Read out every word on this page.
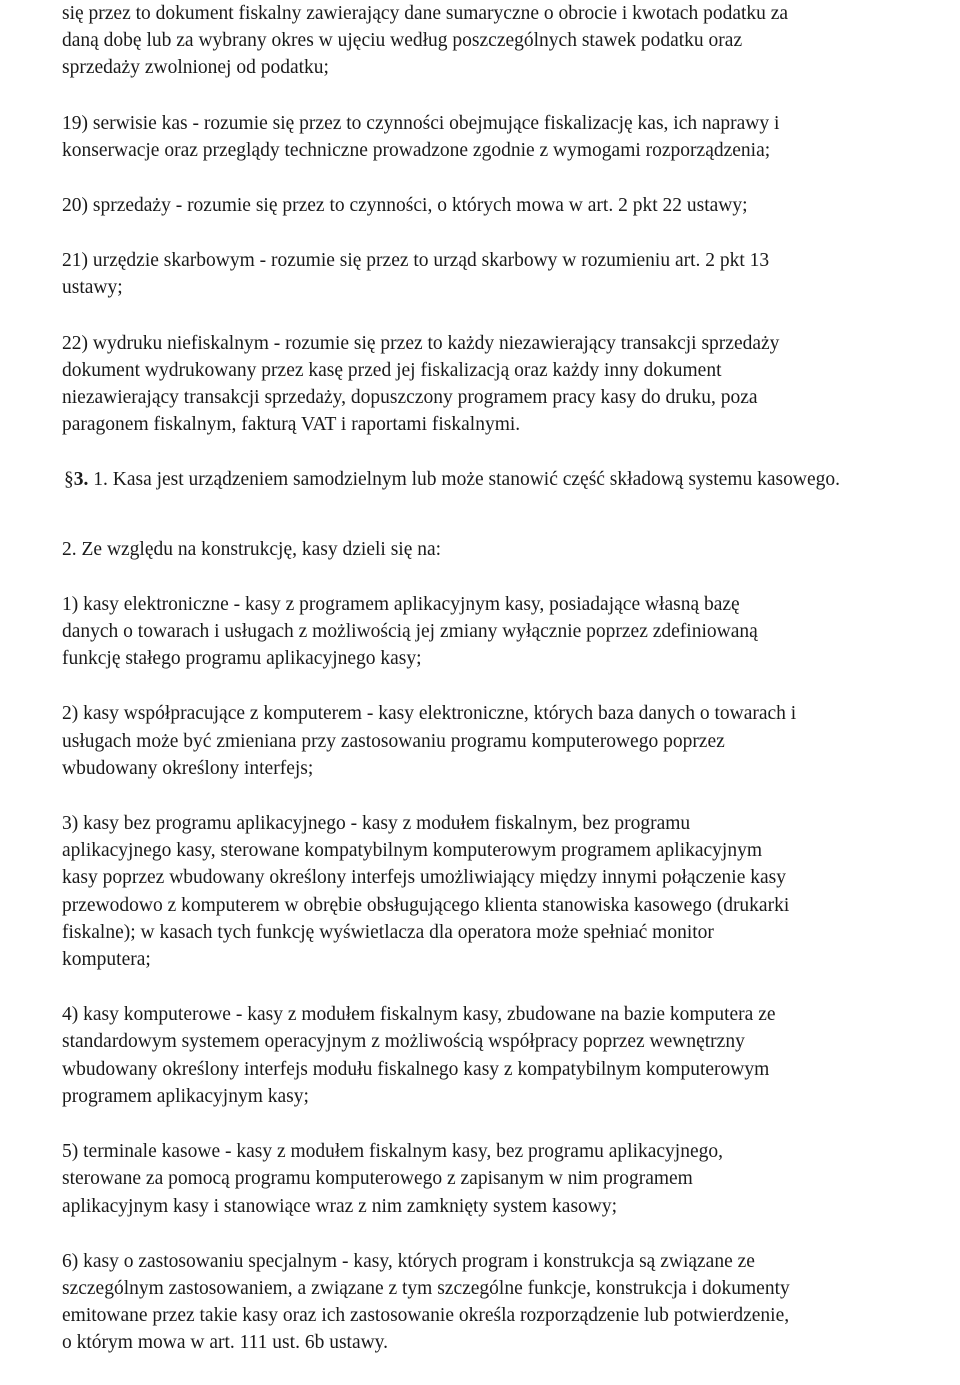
się przez to dokument fiskalny zawierający dane sumaryczne o obrocie i kwotach podatku za
daną dobę lub za wybrany okres w ujęciu według poszczególnych stawek podatku oraz
sprzedaży zwolnionej od podatku;
19) serwisie kas - rozumie się przez to czynności obejmujące fiskalizację kas, ich naprawy i
konserwacje oraz przeglądy techniczne prowadzone zgodnie z wymogami rozporządzenia;
20) sprzedaży - rozumie się przez to czynności, o których mowa w art. 2 pkt 22 ustawy;
21) urzędzie skarbowym - rozumie się przez to urząd skarbowy w rozumieniu art. 2 pkt 13
ustawy;
22) wydruku niefiskalnym - rozumie się przez to każdy niezawierający transakcji sprzedaży
dokument wydrukowany przez kasę przed jej fiskalizacją oraz każdy inny dokument
niezawierający transakcji sprzedaży, dopuszczony programem pracy kasy do druku, poza
paragonem fiskalnym, fakturą VAT i raportami fiskalnymi.
§3. 1. Kasa jest urządzeniem samodzielnym lub może stanowić część składową systemu kasowego.
2. Ze względu na konstrukcję, kasy dzieli się na:
1) kasy elektroniczne - kasy z programem aplikacyjnym kasy, posiadające własną bazę
danych o towarach i usługach z możliwością jej zmiany wyłącznie poprzez zdefiniowaną
funkcję stałego programu aplikacyjnego kasy;
2) kasy współpracujące z komputerem - kasy elektroniczne, których baza danych o towarach i
usługach może być zmieniana przy zastosowaniu programu komputerowego poprzez
wbudowany określony interfejs;
3) kasy bez programu aplikacyjnego - kasy z modułem fiskalnym, bez programu
aplikacyjnego kasy, sterowane kompatybilnym komputerowym programem aplikacyjnym
kasy poprzez wbudowany określony interfejs umożliwiający między innymi połączenie kasy
przewodowo z komputerem w obrębie obsługującego klienta stanowiska kasowego (drukarki
fiskalne); w kasach tych funkcję wyświetlacza dla operatora może spełniać monitor
komputera;
4) kasy komputerowe - kasy z modułem fiskalnym kasy, zbudowane na bazie komputera ze
standardowym systemem operacyjnym z możliwością współpracy poprzez wewnętrzny
wbudowany określony interfejs modułu fiskalnego kasy z kompatybilnym komputerowym
programem aplikacyjnym kasy;
5) terminale kasowe - kasy z modułem fiskalnym kasy, bez programu aplikacyjnego,
sterowane za pomocą programu komputerowego z zapisanym w nim programem
aplikacyjnym kasy i stanowiące wraz z nim zamknięty system kasowy;
6) kasy o zastosowaniu specjalnym - kasy, których program i konstrukcja są związane ze
szczególnym zastosowaniem, a związane z tym szczególne funkcje, konstrukcja i dokumenty
emitowane przez takie kasy oraz ich zastosowanie określa rozporządzenie lub potwierdzenie,
o którym mowa w art. 111 ust. 6b ustawy.
